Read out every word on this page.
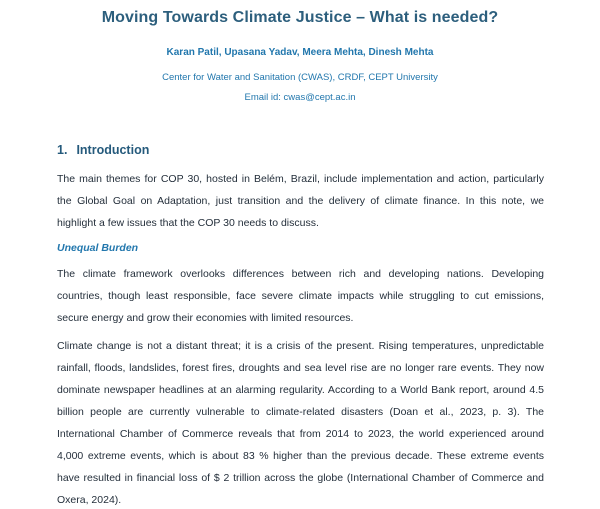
Moving Towards Climate Justice – What is needed?
Karan Patil, Upasana Yadav, Meera Mehta, Dinesh Mehta
Center for Water and Sanitation (CWAS), CRDF, CEPT University
Email id: cwas@cept.ac.in
1. Introduction

The main themes for COP 30, hosted in Belém, Brazil, include implementation and action, particularly the Global Goal on Adaptation, just transition and the delivery of climate finance. In this note, we highlight a few issues that the COP 30 needs to discuss.

Unequal Burden

The climate framework overlooks differences between rich and developing nations. Developing countries, though least responsible, face severe climate impacts while struggling to cut emissions, secure energy and grow their economies with limited resources.

Climate change is not a distant threat; it is a crisis of the present. Rising temperatures, unpredictable rainfall, floods, landslides, forest fires, droughts and sea level rise are no longer rare events. They now dominate newspaper headlines at an alarming regularity. According to a World Bank report, around 4.5 billion people are currently vulnerable to climate-related disasters (Doan et al., 2023, p. 3). The International Chamber of Commerce reveals that from 2014 to 2023, the world experienced around 4,000 extreme events, which is about 83 % higher than the previous decade. These extreme events have resulted in financial loss of $ 2 trillion across the globe (International Chamber of Commerce and Oxera, 2024).
